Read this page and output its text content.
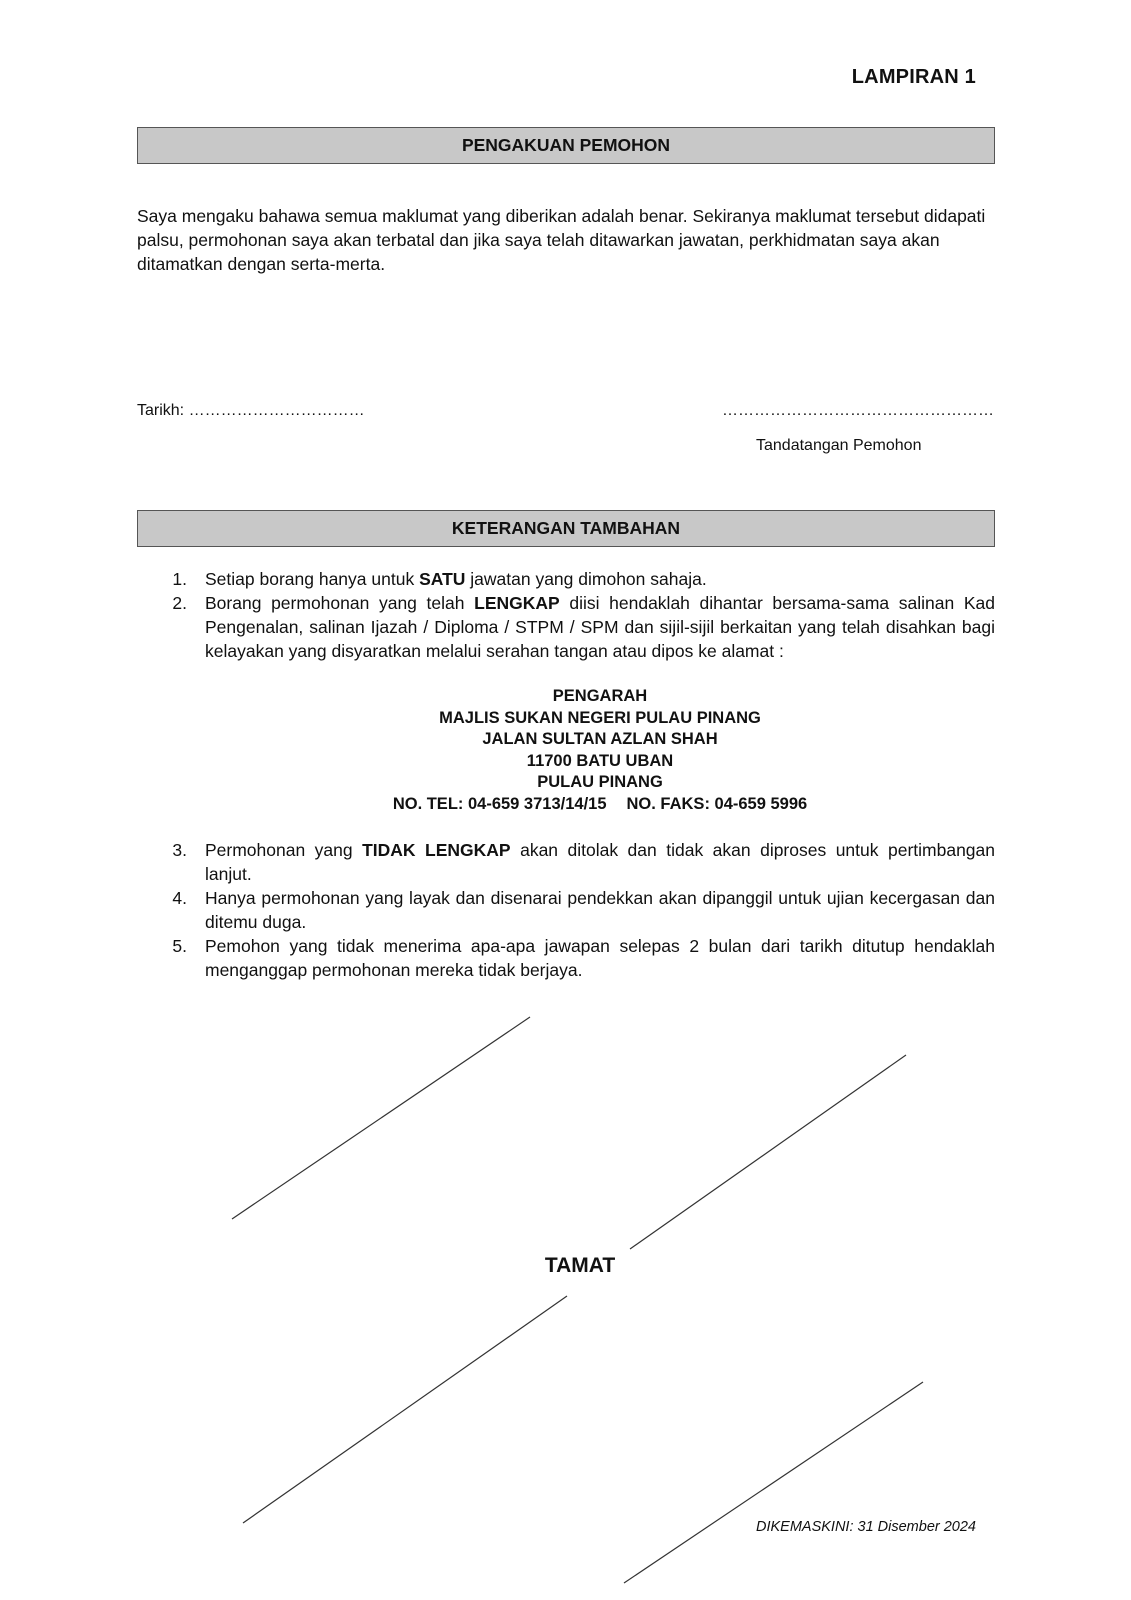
LAMPIRAN 1
PENGAKUAN PEMOHON
Saya mengaku bahawa semua maklumat yang diberikan adalah benar. Sekiranya maklumat tersebut didapati palsu, permohonan saya akan terbatal dan jika saya telah ditawarkan jawatan, perkhidmatan saya akan ditamatkan dengan serta-merta.
Tarikh: ……………………………	……………………………………………
Tandatangan Pemohon
KETERANGAN TAMBAHAN
1.	Setiap borang hanya untuk SATU jawatan yang dimohon sahaja.
2.	Borang permohonan yang telah LENGKAP diisi hendaklah dihantar bersama-sama salinan Kad Pengenalan, salinan Ijazah / Diploma / STPM / SPM dan sijil-sijil berkaitan yang telah disahkan bagi kelayakan yang disyaratkan melalui serahan tangan atau dipos ke alamat :
PENGARAH
MAJLIS SUKAN NEGERI PULAU PINANG
JALAN SULTAN AZLAN SHAH
11700 BATU UBAN
PULAU PINANG
NO. TEL: 04-659 3713/14/15 NO. FAKS: 04-659 5996
3.	Permohonan yang TIDAK LENGKAP akan ditolak dan tidak akan diproses untuk pertimbangan lanjut.
4.	Hanya permohonan yang layak dan disenarai pendekkan akan dipanggil untuk ujian kecergasan dan ditemu duga.
5.	Pemohon yang tidak menerima apa-apa jawapan selepas 2 bulan dari tarikh ditutup hendaklah menganggap permohonan mereka tidak berjaya.
TAMAT
DIKEMASKINI: 31 Disember 2024
